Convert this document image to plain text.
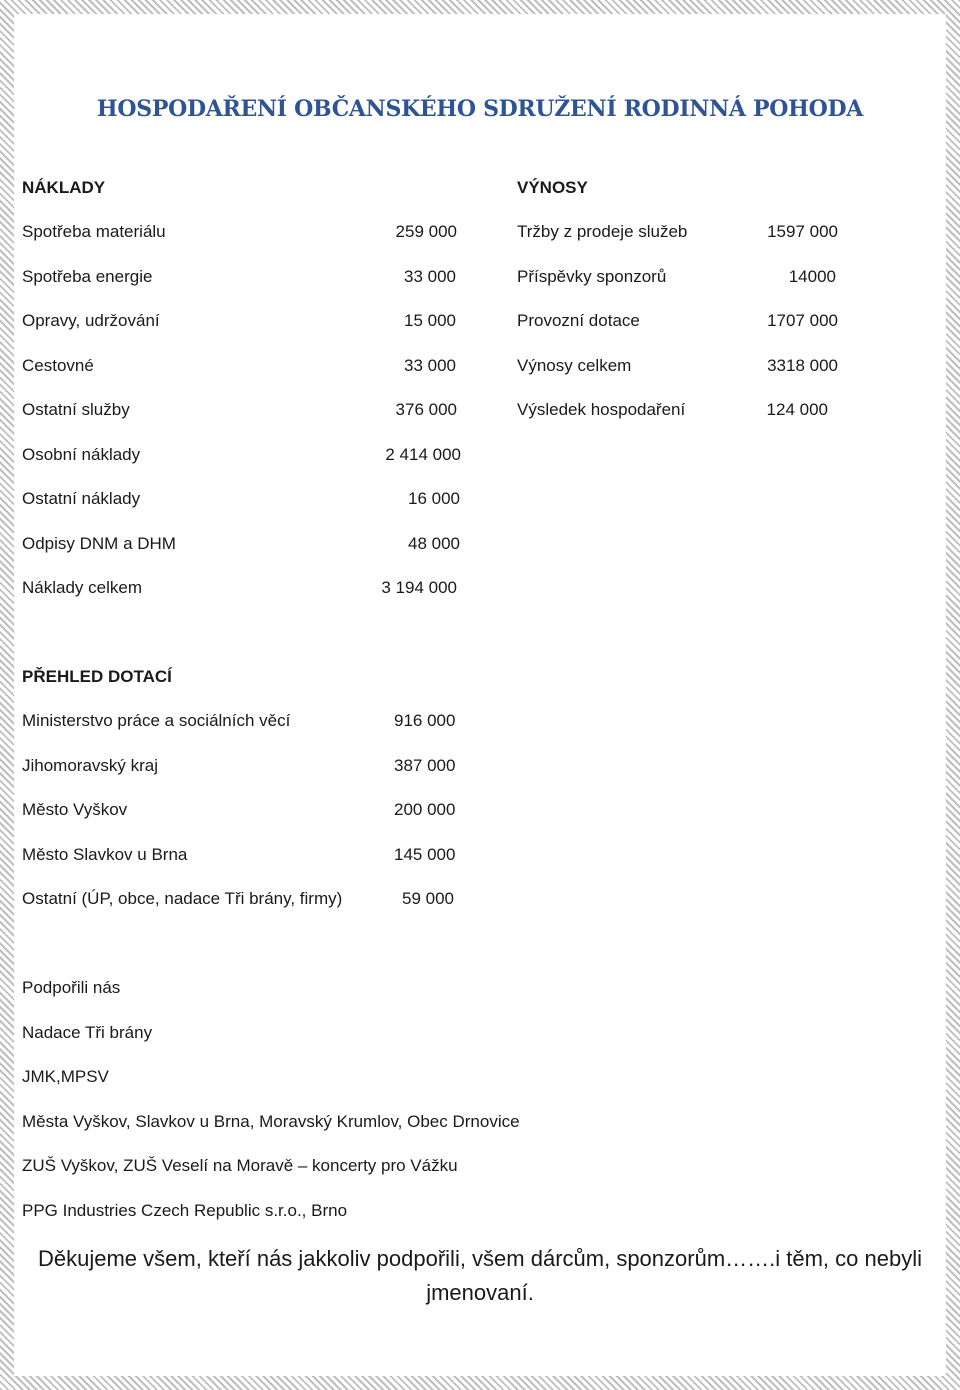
HOSPODAŘENÍ OBČANSKÉHO SDRUŽENÍ RODINNÁ POHODA
NÁKLADY
Spotřeba materiálu	259 000
Spotřeba energie	33 000
Opravy, udržování	15 000
Cestovné	33 000
Ostatní služby	376 000
Osobní náklady	2 414 000
Ostatní náklady	16 000
Odpisy DNM a DHM	48 000
Náklady celkem	3 194 000
VÝNOSY
Tržby z prodeje služeb	1597 000
Příspěvky sponzorů	14000
Provozní dotace	1707 000
Výnosy celkem	3318 000
Výsledek hospodaření	124 000
PŘEHLED DOTACÍ
Ministerstvo práce a sociálních věcí	916 000
Jihomoravský kraj	387 000
Město Vyškov	200 000
Město Slavkov u Brna	145 000
Ostatní (ÚP, obce, nadace Tři brány, firmy)	59 000
Podpořili nás
Nadace Tři brány
JMK,MPSV
Města Vyškov, Slavkov u Brna, Moravský Krumlov, Obec Drnovice
ZUŠ Vyškov, ZUŠ Veselí na Moravě – koncerty pro Vážku
PPG Industries Czech Republic s.r.o., Brno
Děkujeme všem, kteří nás jakkoliv podpořili, všem dárcům, sponzorům…….i těm, co nebyli
jmenovaní.
